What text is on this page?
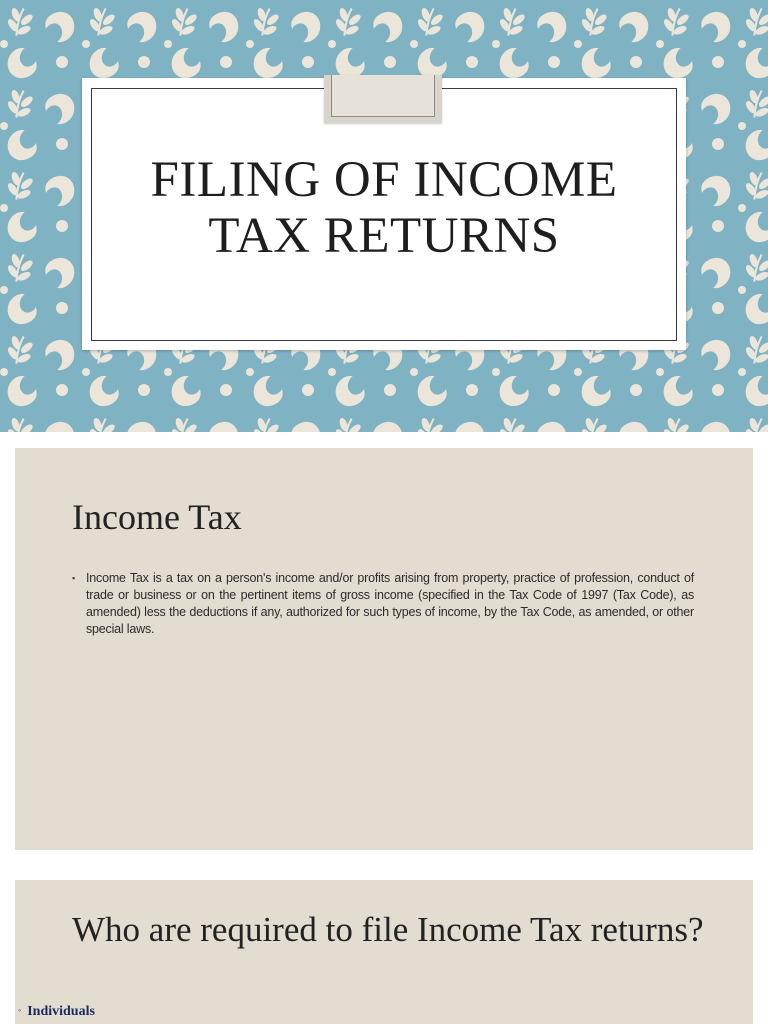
FILING OF INCOME
TAX RETURNS
Income Tax
▪ Income Tax is a tax on a person's income and/or profits arising from property, practice of profession, conduct of trade or business or on the pertinent items of gross income (specified in the Tax Code of 1997 (Tax Code), as amended) less the deductions if any, authorized for such types of income, by the Tax Code, as amended, or other special laws.
Who are required to file Income Tax returns?
◦ Individuals
